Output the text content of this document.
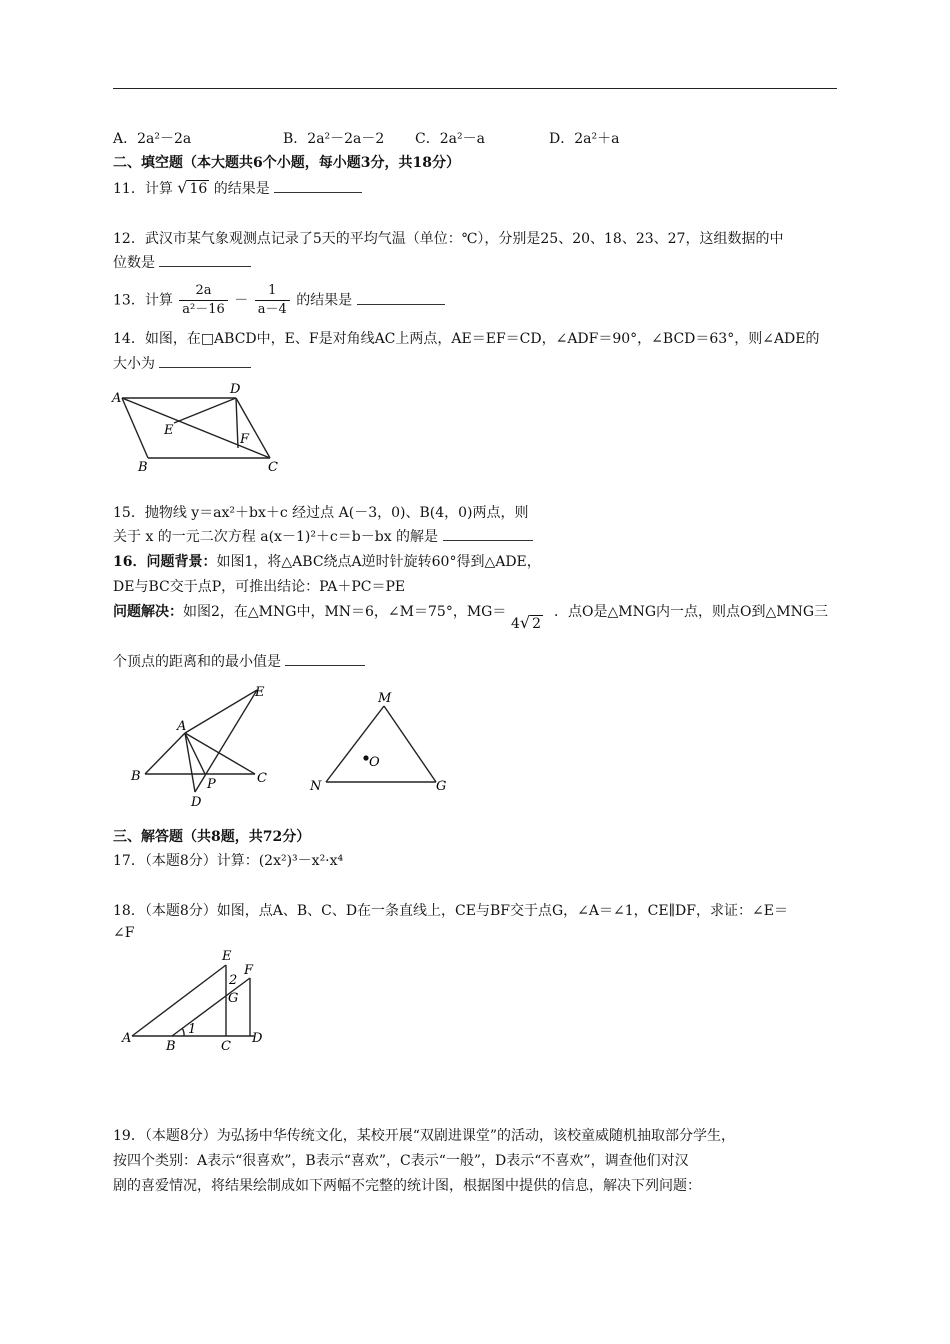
A．2a²－2a	B．2a²－2a－2 C．2a²－a	D．2a²＋a
二、填空题（本大题共6个小题，每小题3分，共18分）
11．计算 √ 16 的结果是
12．武汉市某气象观测点记录了5天的平均气温（单位：℃），分别是25、20、18、23、27，这组数据的中
位数是
13．计算 $\frac{2a}{\text{a²－16}} - \frac{1}{a-4}$ 的结果是
14．如图，在□ABCD中，E、F是对角线AC上两点，AE＝EF＝CD，∠ADF＝90°，∠BCD＝63°，则∠ADE的
大小为
A
D
E
F
B	C
15．抛物线 y＝ax²＋bx＋c 经过点 A(－3，0)、B(4，0)两点，则
关于 x 的一元二次方程 a(x－1)²＋c＝b－bx 的解是
16．问题背景：如图1，将△ABC绕点A逆时针旋转60°得到△ADE，
DE与BC交于点P，可推出结论：PA＋PC＝PE
问题解决：如图2，在△MNG中，MN＝6，∠M＝75°，MG＝
4√ 2
．点O是△MNG内一点，则点O到△MNG三
个顶点的距离和的最小值是
A
E
B	C
P
D
M
N	G
O
三、解答题（共8题，共72分）
17．（本题8分）计算：(2x²)³－x²·x⁴
18．（本题8分）如图，点A、B、C、D在一条直线上，CE与BF交于点G，∠A＝∠1，CE∥DF，求证：∠E＝
∠F
E
F
G
2
1
A
B	C
D
19．（本题8分）为弘扬中华传统文化，某校开展“双剧进课堂”的活动，该校童威随机抽取部分学生，
按四个类别：A表示“很喜欢”，B表示“喜欢”，C表示“一般”，D表示“不喜欢”，调查他们对汉
剧的喜爱情况，将结果绘制成如下两幅不完整的统计图，根据图中提供的信息，解决下列问题：
